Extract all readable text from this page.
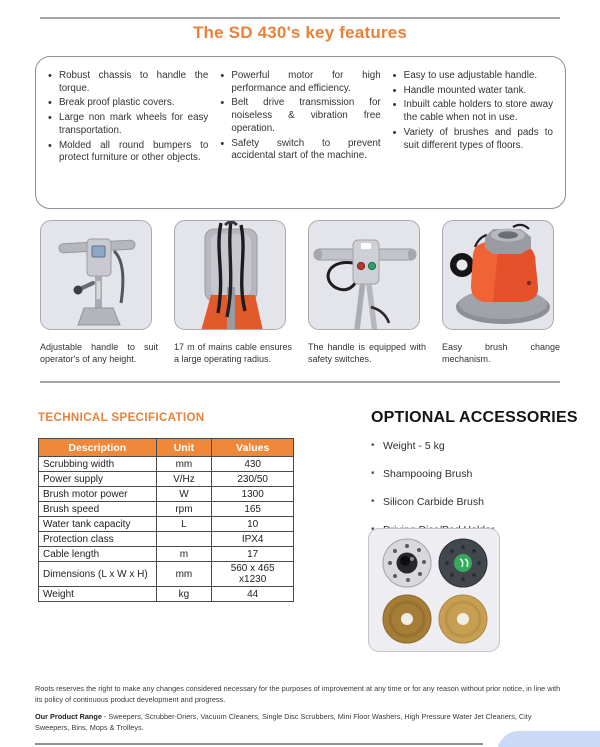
The SD 430's key features
• Robust chassis to handle the torque.
• Break proof plastic covers.
• Large non mark wheels for easy transportation.
• Molded all round bumpers to protect furniture or other objects.
• Powerful motor for high performance and efficiency.
• Belt drive transmission for noiseless & vibration free operation.
• Safety switch to prevent accidental start of the machine.
• Easy to use adjustable handle.
• Handle mounted water tank.
• Inbuilt cable holders to store away the cable when not in use.
• Variety of brushes and pads to suit different types of floors.
Adjustable handle to suit operator's of any height.
17 m of mains cable ensures a large operating radius.
The handle is equipped with safety switches.
Easy brush change mechanism.
TECHNICAL SPECIFICATION
Description	Unit	Values
Scrubbing width	mm	430
Power supply	V/Hz	230/50
Brush motor power	W	1300
Brush speed	rpm	165
Water tank capacity	L	10
Protection class		IPX4
Cable length	m	17
Dimensions (L x W x H)	mm	560 x 465 x1230
Weight	kg	44
OPTIONAL ACCESSORIES
• Weight - 5 kg
• Shampooing Brush
• Silicon Carbide Brush
•

Roots reserves the right to make any changes considered necessary for the purposes of improvement at any time or for any reason without prior notice, in line with its policy of continuous product development and progress.

Our Product Range - Sweepers, Scrubber-Driers, Vacuum Cleaners, Single Disc Scrubbers, Mini Floor Washers, High Pressure Water Jet Cleaners, City Sweepers, Bins, Mops & Trolleys.
